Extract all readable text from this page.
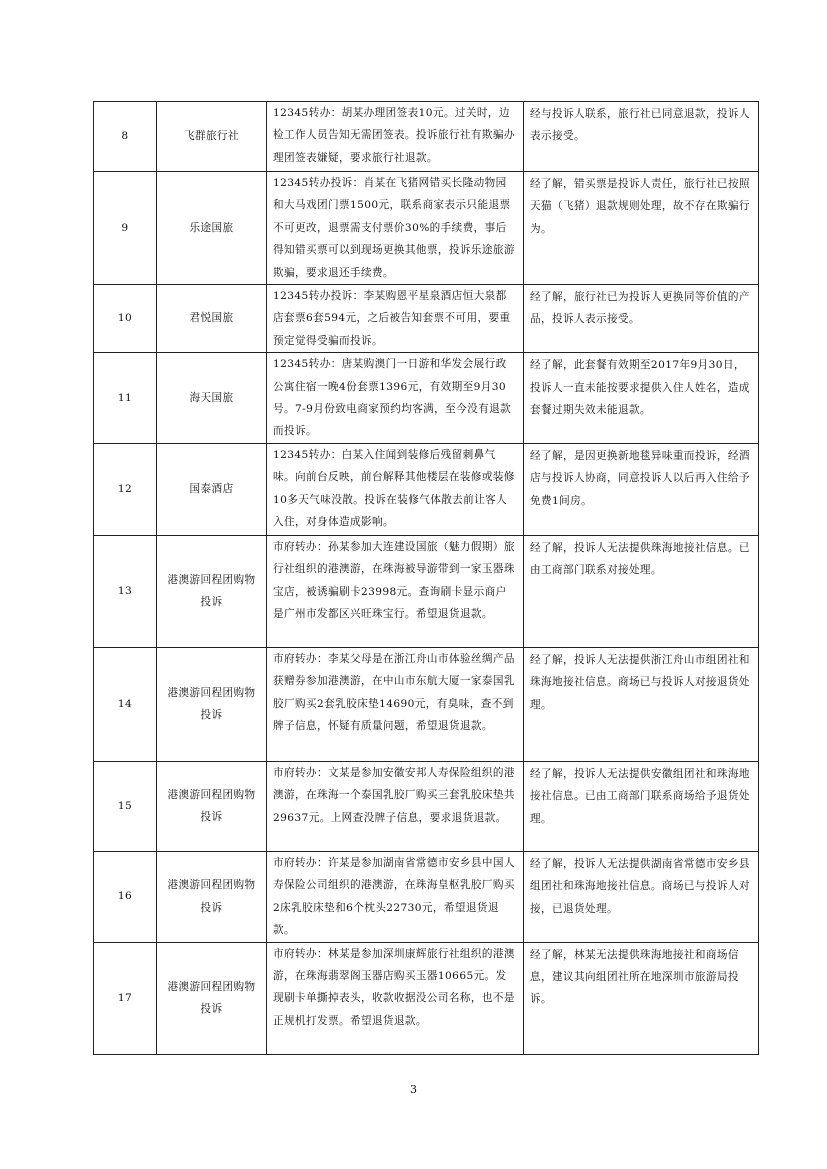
8	飞群旅行社	12345转办：胡某办理团签表10元。过关时，边检工作人员告知无需团签表。投诉旅行社有欺骗办理团签表嫌疑，要求旅行社退款。	经与投诉人联系，旅行社已同意退款，投诉人表示接受。
9	乐途国旅	12345转办投诉：肖某在飞猪网错买长隆动物园和大马戏团门票1500元，联系商家表示只能退票不可更改，退票需支付票价30%的手续费，事后得知错买票可以到现场更换其他票，投诉乐途旅游欺骗，要求退还手续费。	经了解，错买票是投诉人责任，旅行社已按照天猫（飞猪）退款规则处理，故不存在欺骗行为。
10	君悦国旅	12345转办投诉：李某购恩平星泉酒店恒大泉都店套票6套594元，之后被告知套票不可用，要重预定觉得受骗而投诉。	经了解，旅行社已为投诉人更换同等价值的产品，投诉人表示接受。
11	海天国旅	12345转办：唐某购澳门一日游和华发会展行政公寓住宿一晚4份套票1396元，有效期至9月30号。7-9月份致电商家预约均客满，至今没有退款而投诉。	经了解，此套餐有效期至2017年9月30日，投诉人一直未能按要求提供入住人姓名，造成套餐过期失效未能退款。
12	国泰酒店	12345转办：白某入住闻到装修后残留刺鼻气味。向前台反映，前台解释其他楼层在装修或装修10多天气味没散。投诉在装修气体散去前让客人入住，对身体造成影响。	经了解，是因更换新地毯异味重而投诉，经酒店与投诉人协商，同意投诉人以后再入住给予免费1间房。
13	港澳游回程团购物投诉	市府转办：孙某参加大连建设国旅（魅力假期）旅行社组织的港澳游，在珠海被导游带到一家玉器珠宝店，被诱骗刷卡23998元。查询刷卡显示商户是广州市发都区兴旺珠宝行。希望退货退款。	经了解，投诉人无法提供珠海地接社信息。已由工商部门联系对接处理。
14	港澳游回程团购物投诉	市府转办：李某父母是在浙江舟山市体验丝绸产品获赠券参加港澳游，在中山市东航大厦一家泰国乳胶厂购买2套乳胶床垫14690元，有臭味，查不到牌子信息，怀疑有质量问题，希望退货退款。	经了解，投诉人无法提供浙江舟山市组团社和珠海地接社信息。商场已与投诉人对接退货处理。
15	港澳游回程团购物投诉	市府转办：文某是参加安徽安邦人寿保险组织的港澳游，在珠海一个泰国乳胶厂购买三套乳胶床垫共29637元。上网查没牌子信息，要求退货退款。	经了解，投诉人无法提供安徽组团社和珠海地接社信息。已由工商部门联系商场给予退货处理。
16	港澳游回程团购物投诉	市府转办：许某是参加湖南省常德市安乡县中国人寿保险公司组织的港澳游，在珠海皇枢乳胶厂购买2床乳胶床垫和6个枕头22730元，希望退货退款。	经了解，投诉人无法提供湖南省常德市安乡县组团社和珠海地接社信息。商场已与投诉人对接，已退货处理。
17	港澳游回程团购物投诉	市府转办：林某是参加深圳康辉旅行社组织的港澳游，在珠海翡翠阁玉器店购买玉器10665元。发现刷卡单撕掉表头，收款收据没公司名称，也不是正规机打发票。希望退货退款。	经了解，林某无法提供珠海地接社和商场信息，建议其向组团社所在地深圳市旅游局投诉。
3
